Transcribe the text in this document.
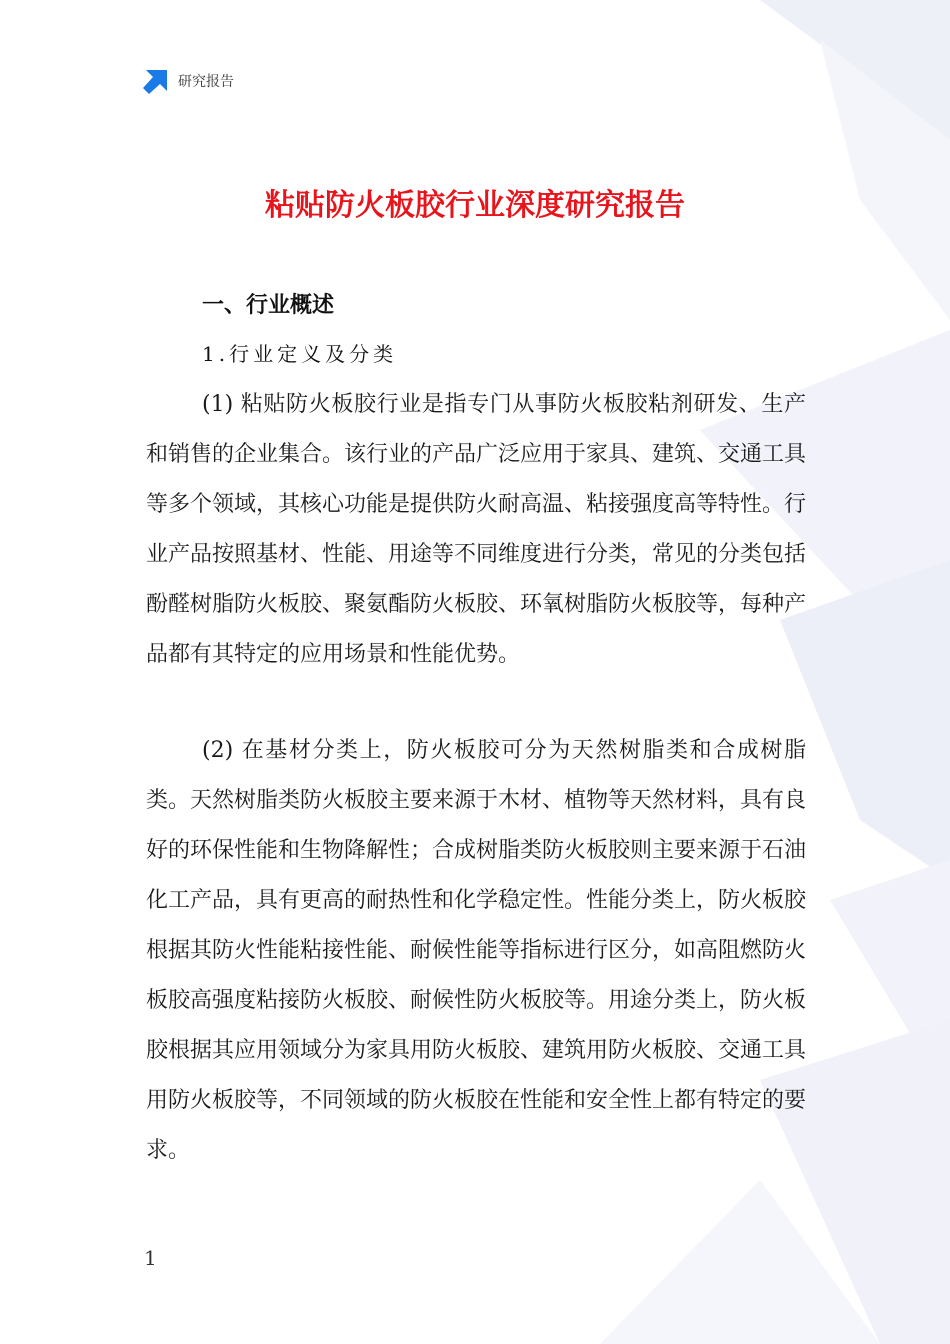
研究报告
粘贴防火板胶行业深度研究报告
一、行业概述
1.行业定义及分类

(1) 粘贴防火板胶行业是指专门从事防火板胶粘剂研发、生产和销售的企业集合。该行业的产品广泛应用于家具、建筑、交通工具等多个领域，其核心功能是提供防火耐高温、粘接强度高等特性。行业产品按照基材、性能、用途等不同维度进行分类，常见的分类包括酚醛树脂防火板胶、聚氨酯防火板胶、环氧树脂防火板胶等，每种产品都有其特定的应用场景和性能优势。

(2) 在基材分类上，防火板胶可分为天然树脂类和合成树脂类。天然树脂类防火板胶主要来源于木材、植物等天然材料，具有良好的环保性能和生物降解性；合成树脂类防火板胶则主要来源于石油化工产品，具有更高的耐热性和化学稳定性。性能分类上，防火板胶根据其防火性能粘接性能、耐候性能等指标进行区分，如高阻燃防火板胶高强度粘接防火板胶、耐候性防火板胶等。用途分类上，防火板胶根据其应用领域分为家具用防火板胶、建筑用防火板胶、交通工具用防火板胶等，不同领域的防火板胶在性能和安全性上都有特定的要求。

1
